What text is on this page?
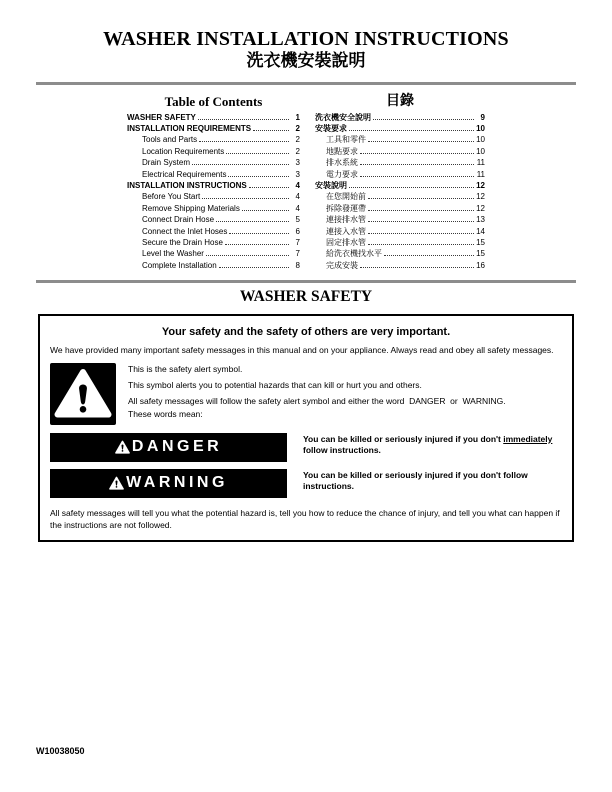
WASHER INSTALLATION INSTRUCTIONS
洗衣機安裝說明
Table of Contents
WASHER SAFETY	1
INSTALLATION REQUIREMENTS	2
Tools and Parts	2
Location Requirements	2
Drain System	3
Electrical Requirements	3
INSTALLATION INSTRUCTIONS	4
Before You Start	4
Remove Shipping Materials	4
Connect Drain Hose	5
Connect the Inlet Hoses	6
Secure the Drain Hose	7
Level the Washer	7
Complete Installation	8
目錄
洗衣機安全說明	9
安裝要求	10
工具和零件	10
地點要求	10
排水系統	11
電力要求	11
安裝說明	12
在您開始前	12
拆除發運帶	12
連接排水管	13
連接入水管	14
固定排水管	15
給洗衣機找水平	15
完成安裝	16
WASHER SAFETY

Your safety and the safety of others are very important.

We have provided many important safety messages in this manual and on your appliance. Always read and obey all safety messages.

This is the safety alert symbol.

This symbol alerts you to potential hazards that can kill or hurt you and others.

All safety messages will follow the safety alert symbol and either the word  DANGER  or  WARNING.

These words mean:

DANGER	You can be killed or seriously injured if you don't immediately follow instructions.

WARNING	You can be killed or seriously injured if you don't follow instructions.

All safety messages will tell you what the potential hazard is, tell you how to reduce the chance of injury, and tell you what can happen if the instructions are not followed.

W10038050
